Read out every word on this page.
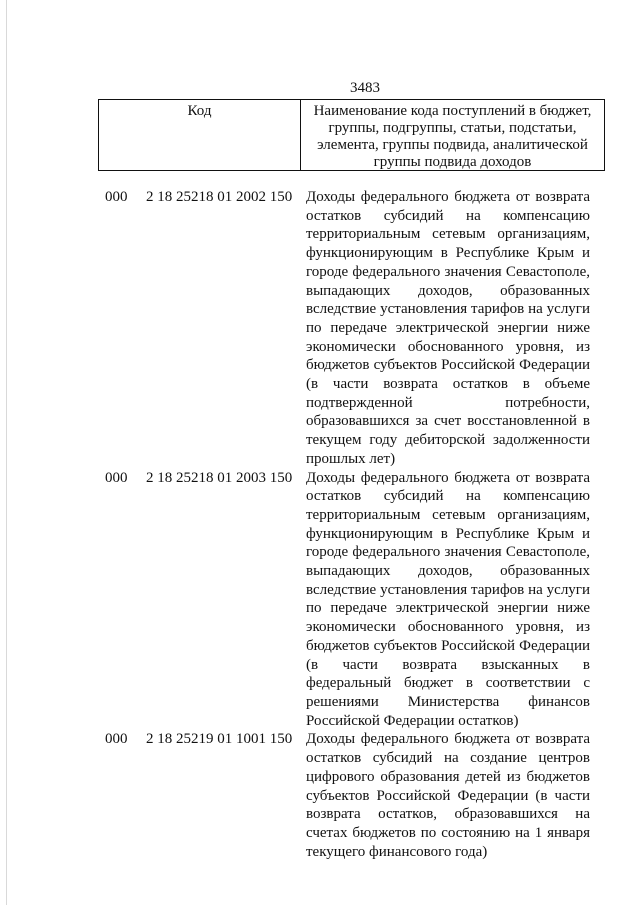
3483
Код	Наименование кода поступлений в бюджет, группы, подгруппы, статьи, подстатьи, элемента, группы подвида, аналитической группы подвида доходов
000 2 18 25218 01 2002 150 Доходы федерального бюджета от возврата остатков субсидий на компенсацию территориальным сетевым организациям, функционирующим в Республике Крым и городе федерального значения Севастополе, выпадающих доходов, образованных вследствие установления тарифов на услуги по передаче электрической энергии ниже экономически обоснованного уровня, из бюджетов субъектов Российской Федерации (в части возврата остатков в объеме подтвержденной потребности, образовавшихся за счет восстановленной в текущем году дебиторской задолженности прошлых лет)
000 2 18 25218 01 2003 150 Доходы федерального бюджета от возврата остатков субсидий на компенсацию территориальным сетевым организациям, функционирующим в Республике Крым и городе федерального значения Севастополе, выпадающих доходов, образованных вследствие установления тарифов на услуги по передаче электрической энергии ниже экономически обоснованного уровня, из бюджетов субъектов Российской Федерации (в части возврата взысканных в федеральный бюджет в соответствии с решениями Министерства финансов Российской Федерации остатков)
000 2 18 25219 01 1001 150 Доходы федерального бюджета от возврата остатков субсидий на создание центров цифрового образования детей из бюджетов субъектов Российской Федерации (в части возврата остатков, образовавшихся на счетах бюджетов по состоянию на 1 января текущего финансового года)
